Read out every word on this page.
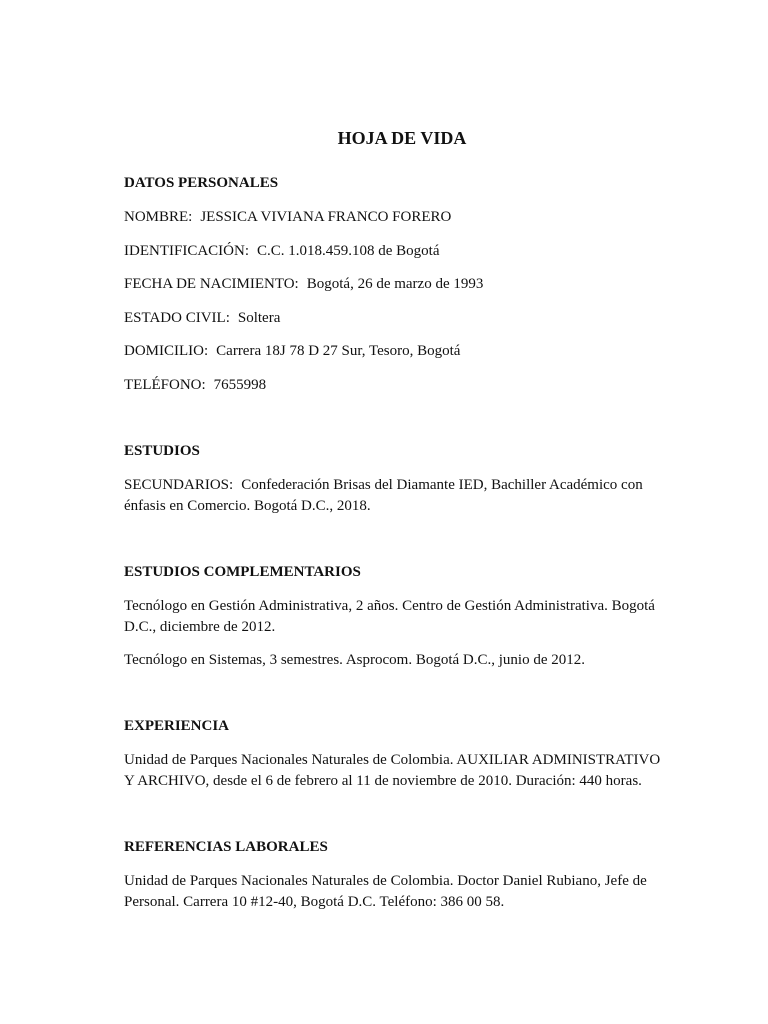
HOJA DE VIDA
DATOS PERSONALES
NOMBRE: JESSICA VIVIANA FRANCO FORERO
IDENTIFICACIÓN: C.C. 1.018.459.108 de Bogotá
FECHA DE NACIMIENTO: Bogotá, 26 de marzo de 1993
ESTADO CIVIL: Soltera
DOMICILIO: Carrera 18J 78 D 27 Sur, Tesoro, Bogotá
TELÉFONO: 7655998
ESTUDIOS
SECUNDARIOS: Confederación Brisas del Diamante IED, Bachiller Académico con
énfasis en Comercio. Bogotá D.C., 2018.
ESTUDIOS COMPLEMENTARIOS
Tecnólogo en Gestión Administrativa, 2 años. Centro de Gestión Administrativa. Bogotá
D.C., diciembre de 2012.
Tecnólogo en Sistemas, 3 semestres. Asprocom. Bogotá D.C., junio de 2012.
EXPERIENCIA
Unidad de Parques Nacionales Naturales de Colombia. AUXILIAR ADMINISTRATIVO
Y ARCHIVO, desde el 6 de febrero al 11 de noviembre de 2010. Duración: 440 horas.
REFERENCIAS LABORALES
Unidad de Parques Nacionales Naturales de Colombia. Doctor Daniel Rubiano, Jefe de
Personal. Carrera 10 #12-40, Bogotá D.C. Teléfono: 386 00 58.
